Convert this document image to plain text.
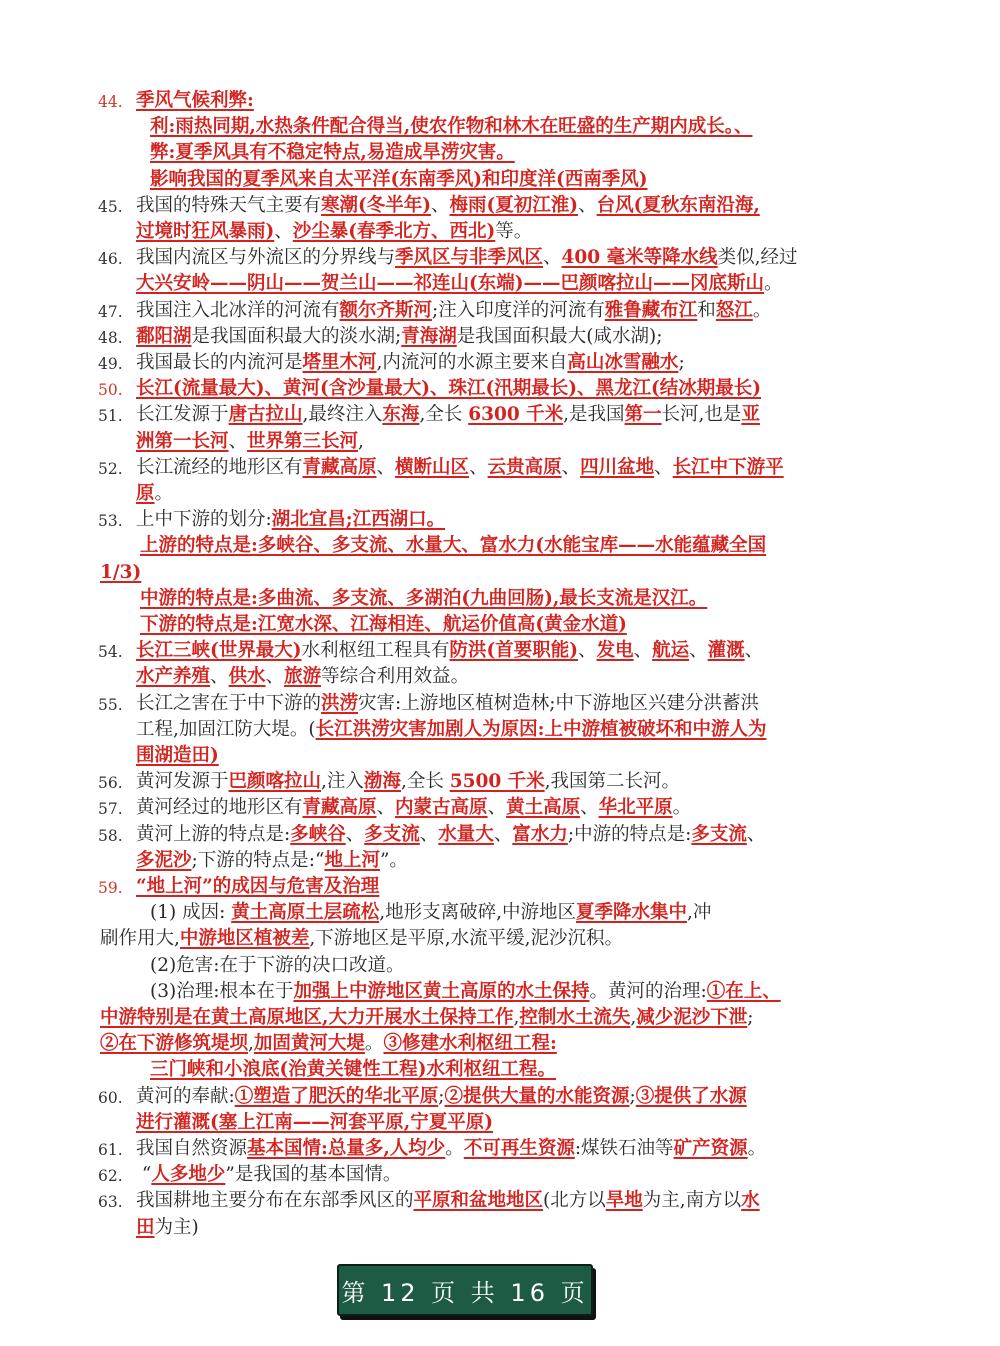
44. 季风气候利弊:
利:雨热同期,水热条件配合得当,使农作物和林木在旺盛的生产期内成长。、
弊:夏季风具有不稳定特点,易造成旱涝灾害。
影响我国的夏季风来自太平洋(东南季风)和印度洋(西南季风)
45. 我国的特殊天气主要有寒潮(冬半年)、梅雨(夏初江淮)、台风(夏秋东南沿海,
过境时狂风暴雨)、沙尘暴(春季北方、西北)等。
46. 我国内流区与外流区的分界线与季风区与非季风区、400 毫米等降水线类似,经过
大兴安岭——阴山——贺兰山——祁连山(东端)——巴颜喀拉山——冈底斯山。
47. 我国注入北冰洋的河流有额尔齐斯河;注入印度洋的河流有雅鲁藏布江和怒江。
48. 鄱阳湖是我国面积最大的淡水湖;青海湖是我国面积最大(咸水湖);
49. 我国最长的内流河是塔里木河,内流河的水源主要来自高山冰雪融水;
50. 长江(流量最大)、黄河(含沙量最大)、珠江(汛期最长)、黑龙江(结冰期最长)
51. 长江发源于唐古拉山,最终注入东海,全长 6300 千米,是我国第一长河,也是亚
洲第一长河、世界第三长河,
52. 长江流经的地形区有青藏高原、横断山区、云贵高原、四川盆地、长江中下游平
原。
53. 上中下游的划分:湖北宜昌;江西湖口。
上游的特点是:多峡谷、多支流、水量大、富水力(水能宝库——水能蕴藏全国
1/3)
中游的特点是:多曲流、多支流、多湖泊(九曲回肠),最长支流是汉江。
下游的特点是:江宽水深、江海相连、航运价值高(黄金水道)
54. 长江三峡(世界最大)水利枢纽工程具有防洪(首要职能)、发电、航运、灌溉、
水产养殖、供水、旅游等综合利用效益。
55. 长江之害在于中下游的洪涝灾害:上游地区植树造林;中下游地区兴建分洪蓄洪
工程,加固江防大堤。(长江洪涝灾害加剧人为原因:上中游植被破坏和中游人为
围湖造田)
56. 黄河发源于巴颜喀拉山,注入渤海,全长 5500 千米,我国第二长河。
57. 黄河经过的地形区有青藏高原、内蒙古高原、黄土高原、华北平原。
58. 黄河上游的特点是:多峡谷、多支流、水量大、富水力;中游的特点是:多支流、
多泥沙;下游的特点是:“地上河”。
59. “地上河”的成因与危害及治理
(1) 成因: 黄土高原土层疏松,地形支离破碎,中游地区夏季降水集中,冲
刷作用大,中游地区植被差,下游地区是平原,水流平缓,泥沙沉积。
(2)危害:在于下游的决口改道。
(3)治理:根本在于加强上中游地区黄土高原的水土保持。黄河的治理:①在上、
中游特别是在黄土高原地区,大力开展水土保持工作,控制水土流失,减少泥沙下泄;
②在下游修筑堤坝,加固黄河大堤。③修建水利枢纽工程:
三门峡和小浪底(治黄关键性工程)水利枢纽工程。
60. 黄河的奉献:①塑造了肥沃的华北平原;②提供大量的水能资源;③提供了水源
进行灌溉(塞上江南——河套平原,宁夏平原)
61. 我国自然资源基本国情:总量多,人均少。不可再生资源:煤铁石油等矿产资源。
62. “人多地少”是我国的基本国情。
63. 我国耕地主要分布在东部季风区的平原和盆地地区(北方以旱地为主,南方以水
田为主)
第 12 页 共 16 页
